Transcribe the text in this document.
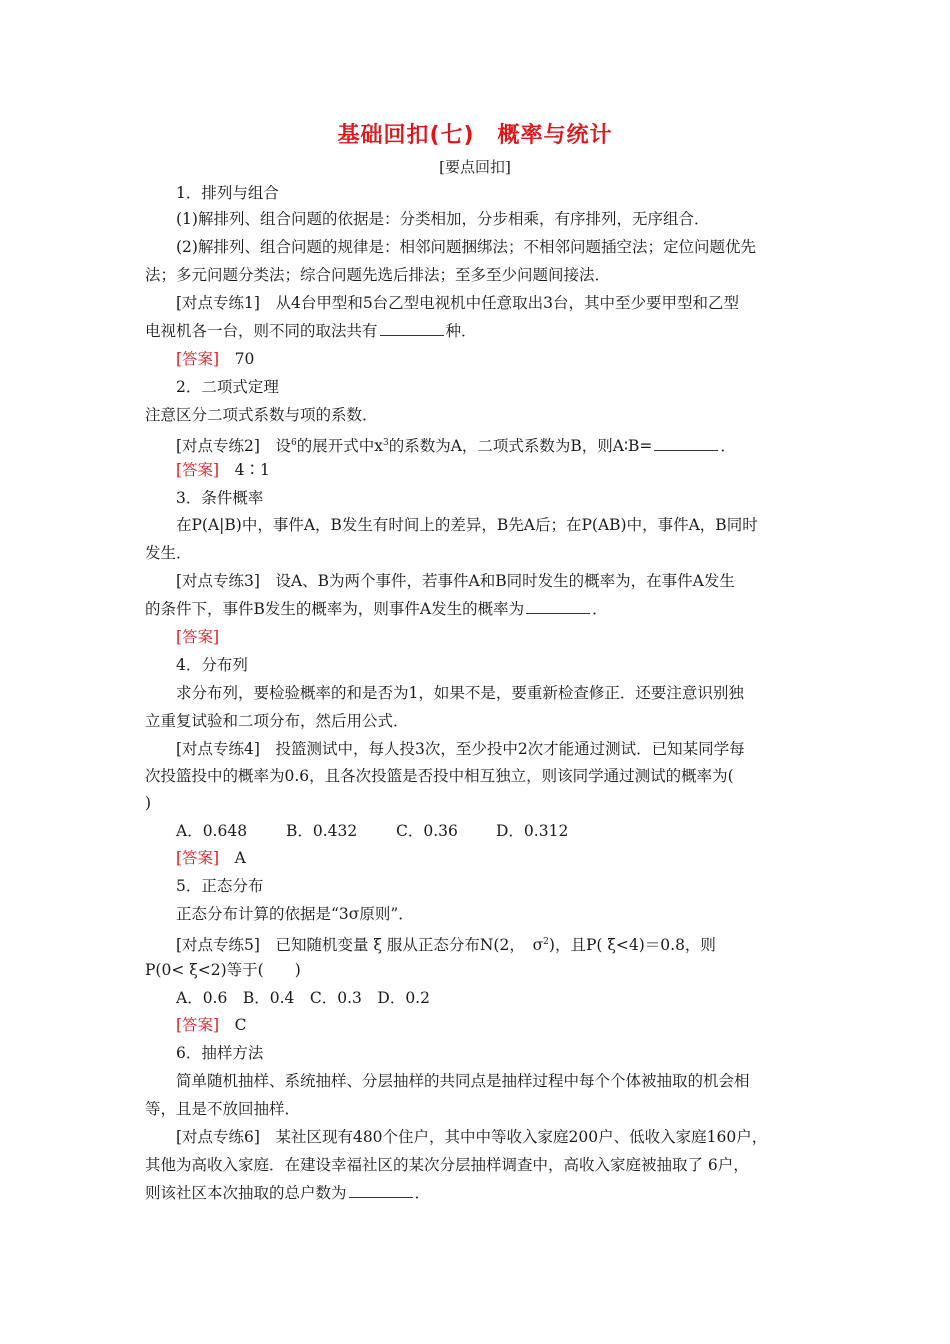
基础回扣(七)　概率与统计
[要点回扣]
1．排列与组合
(1)解排列、组合问题的依据是：分类相加，分步相乘，有序排列，无序组合．
(2)解排列、组合问题的规律是：相邻问题捆绑法；不相邻问题插空法；定位问题优先
法；多元问题分类法；综合问题先选后排法；至多至少问题间接法．
[对点专练1]　从4台甲型和5台乙型电视机中任意取出3台，其中至少要甲型和乙型
电视机各一台，则不同的取法共有	种．
[答案]　 70
2．二项式定理
注意区分二项式系数与项的系数．
[对点专练2]　设$^6$的展开式中$x^3$的系数为A，二项式系数为B，则A∶B=	．
[答案]　 4∶1
3．条件概率
在P(A|B)中，事件A，B发生有时间上的差异，B先A后；在P(AB)中，事件A，B同时
发生．
[对点专练3]　设A、B为两个事件，若事件A和B同时发生的概率为，在事件A发生
的条件下，事件B发生的概率为，则事件A发生的概率为	．
[答案]
4．分布列
求分布列，要检验概率的和是否为1，如果不是，要重新检查修正．还要注意识别独
立重复试验和二项分布，然后用公式．
[对点专练4]　投篮测试中，每人投3次，至少投中2次才能通过测试．已知某同学每
次投篮投中的概率为0.6，且各次投篮是否投中相互独立，则该同学通过测试的概率为(
)
A．0.648	B．0.432 C．0.36 D．0.312
[答案]　 A
5．正态分布
正态分布计算的依据是“3σ原则”．
[对点专练5]　已知随机变量 ξ 服从正态分布N(2，　$\sigma^2$)，且P( ξ<4)＝0.8，则
P(0< ξ<2)等于(　　)
A．0.6　B．0.4　C．0.3　D．0.2
[答案]　 C
6．抽样方法
简单随机抽样、系统抽样、分层抽样的共同点是抽样过程中每个个体被抽取的机会相
等，且是不放回抽样．
[对点专练6]　某社区现有480个住户，其中中等收入家庭200户、低收入家庭160户，
其他为高收入家庭．在建设幸福社区的某次分层抽样调查中，高收入家庭被抽取了 6户，
则该社区本次抽取的总户数为	．
